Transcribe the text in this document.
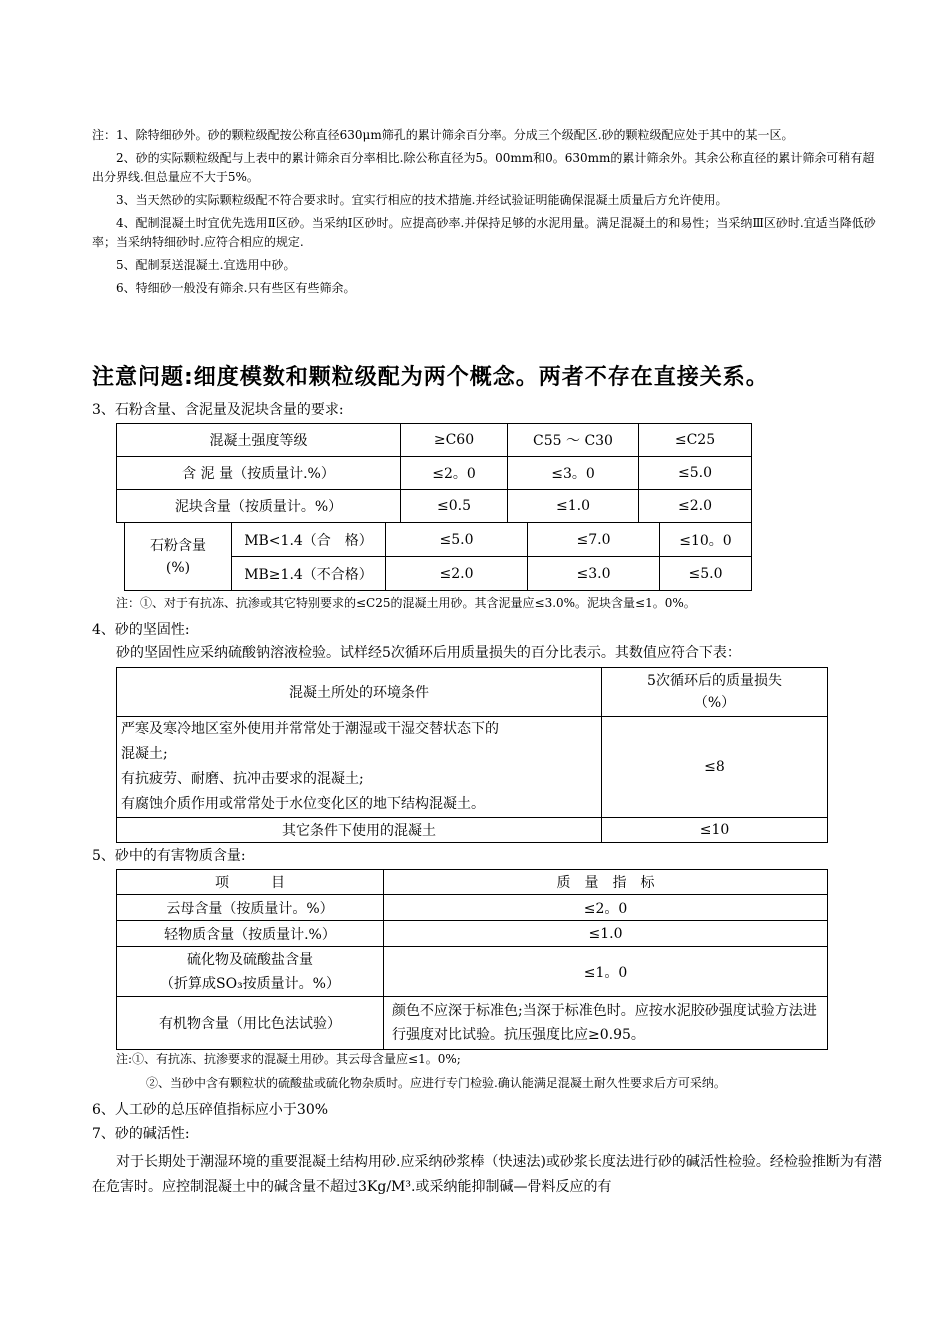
注：1、除特细砂外。砂的颗粒级配按公称直径630μm筛孔的累计筛余百分率。分成三个级配区.砂的颗粒级配应处于其中的某一区。

2、砂的实际颗粒级配与上表中的累计筛余百分率相比.除公称直径为5。00mm和0。630mm的累计筛余外。其余公称直径的累计筛余可稍有超出分界线.但总量应不大于5%。

3、当天然砂的实际颗粒级配不符合要求时。宜实行相应的技术措施.并经试验证明能确保混凝土质量后方允许使用。

4、配制混凝土时宜优先选用Ⅱ区砂。当采纳Ⅰ区砂时。应提高砂率.并保持足够的水泥用量。满足混凝土的和易性；当采纳Ⅲ区砂时.宜适当降低砂率；当采纳特细砂时.应符合相应的规定.

5、配制泵送混凝土.宜选用中砂。

6、特细砂一般没有筛余.只有些区有些筛余。

注意问题:细度模数和颗粒级配为两个概念。两者不存在直接关系。
3、石粉含量、含泥量及泥块含量的要求:
混凝土强度等级	≥C60	C55 ～ C30	≤C25
含 泥 量（按质量计.%）	≤2。0	≤3。0	≤5.0
泥块含量（按质量计。%）	≤0.5	≤1.0	≤2.0
石粉含量
(%)	MB<1.4（合　格）	≤5.0	≤7.0	≤10。0
	MB≥1.4（不合格）	≤2.0	≤3.0	≤5.0
注：①、对于有抗冻、抗渗或其它特别要求的≤C25的混凝土用砂。其含泥量应≤3.0%。泥块含量≤1。0%。
4、砂的坚固性:
砂的坚固性应采纳硫酸钠溶液检验。试样经5次循环后用质量损失的百分比表示。其数值应符合下表：
混凝土所处的环境条件	5次循环后的质量损失
（%）

严寒及寒冷地区室外使用并常常处于潮湿或干湿交替状态下的
混凝土;
有抗疲劳、耐磨、抗冲击要求的混凝土;
有腐蚀介质作用或常常处于水位变化区的地下结构混凝土。	≤8
其它条件下使用的混凝土	≤10
5、砂中的有害物质含量:
项　　　目	质　量　指　标
云母含量（按质量计。%）	≤2。0
轻物质含量（按质量计.%）	≤1.0

硫化物及硫酸盐含量
（折算成SO₃按质量计。%）	≤1。0
有机物含量（用比色法试验）	颜色不应深于标准色;当深于标准色时。应按水泥胶砂强度试验方法进行强度对比试验。抗压强度比应≥0.95。
注:①、有抗冻、抗渗要求的混凝土用砂。其云母含量应≤1。0%;
②、当砂中含有颗粒状的硫酸盐或硫化物杂质时。应进行专门检验.确认能满足混凝土耐久性要求后方可采纳。
6、人工砂的总压碎值指标应小于30%
7、砂的碱活性:
对于长期处于潮湿环境的重要混凝土结构用砂.应采纳砂浆棒（快速法)或砂浆长度法进行砂的碱活性检验。经检验推断为有潜在危害时。应控制混凝土中的碱含量不超过3Kg/M³.或采纳能抑制碱—骨料反应的有
